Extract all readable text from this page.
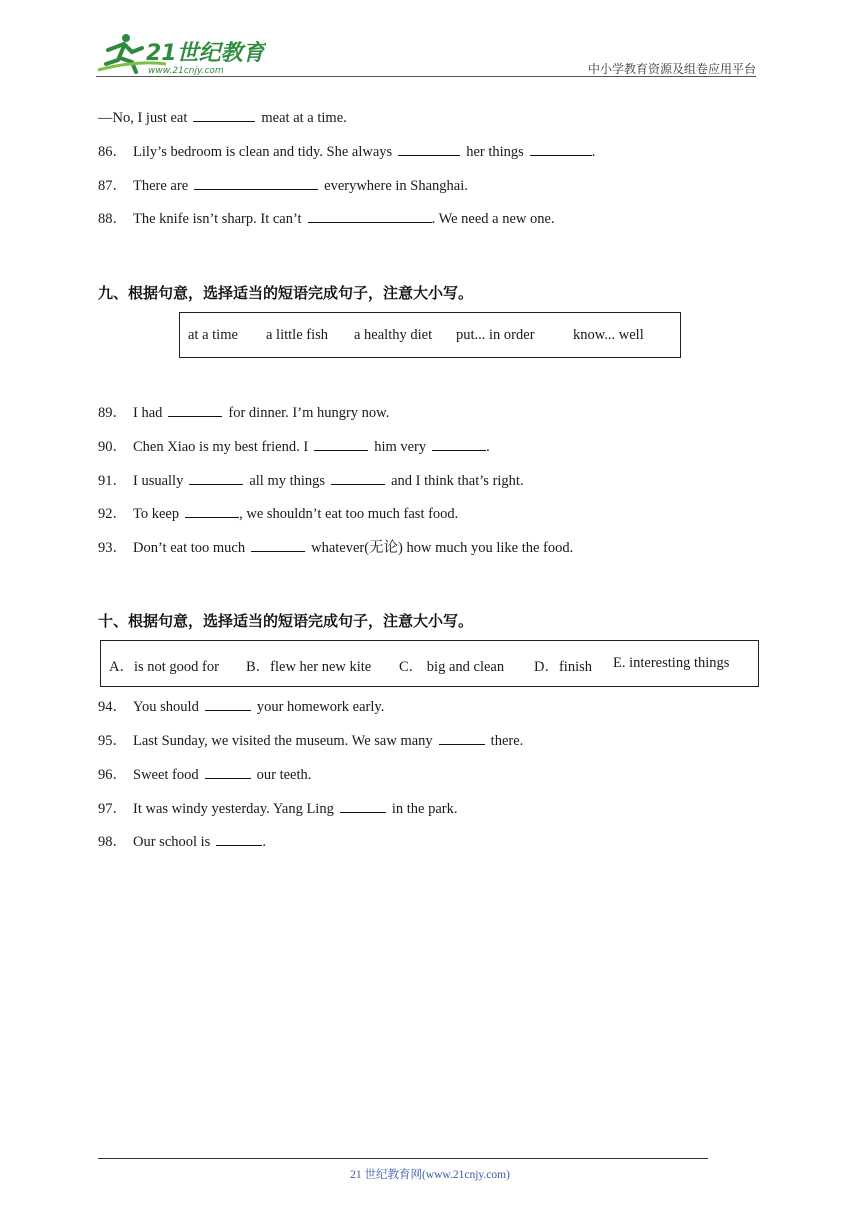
21世纪教育
www.21cnjy.com	中小学教育资源及组卷应用平台
—No, I just eat	meat at a time.
86． Lily’s bedroom is clean and tidy. She always	her things	.
87． There are	everywhere in Shanghai.
88． The knife isn’t sharp. It can’t	. We need a new one.
九、根据句意，选择适当的短语完成句子，注意大小写。
at a time a little fish a healthy diet put... in order	know... well
89． I had	for dinner. I’m hungry now.
90． Chen Xiao is my best friend. I	him very	.
91． I usually	all my things	and I think that’s right.
92． To keep	, we shouldn’t eat too much fast food.
93． Don’t eat too much	whatever(无论) how much you like the food.
十、根据句意，选择适当的短语完成句子，注意大小写。
A．is not good for B．flew her new kite C． big and clean D．finish E. interesting things
94． You should	your homework early.
95． Last Sunday, we visited the museum. We saw many	there.
96． Sweet food	our teeth.
97． It was windy yesterday. Yang Ling	in the park.
98． Our school is	.
21 世纪教育网(www.21cnjy.com)
